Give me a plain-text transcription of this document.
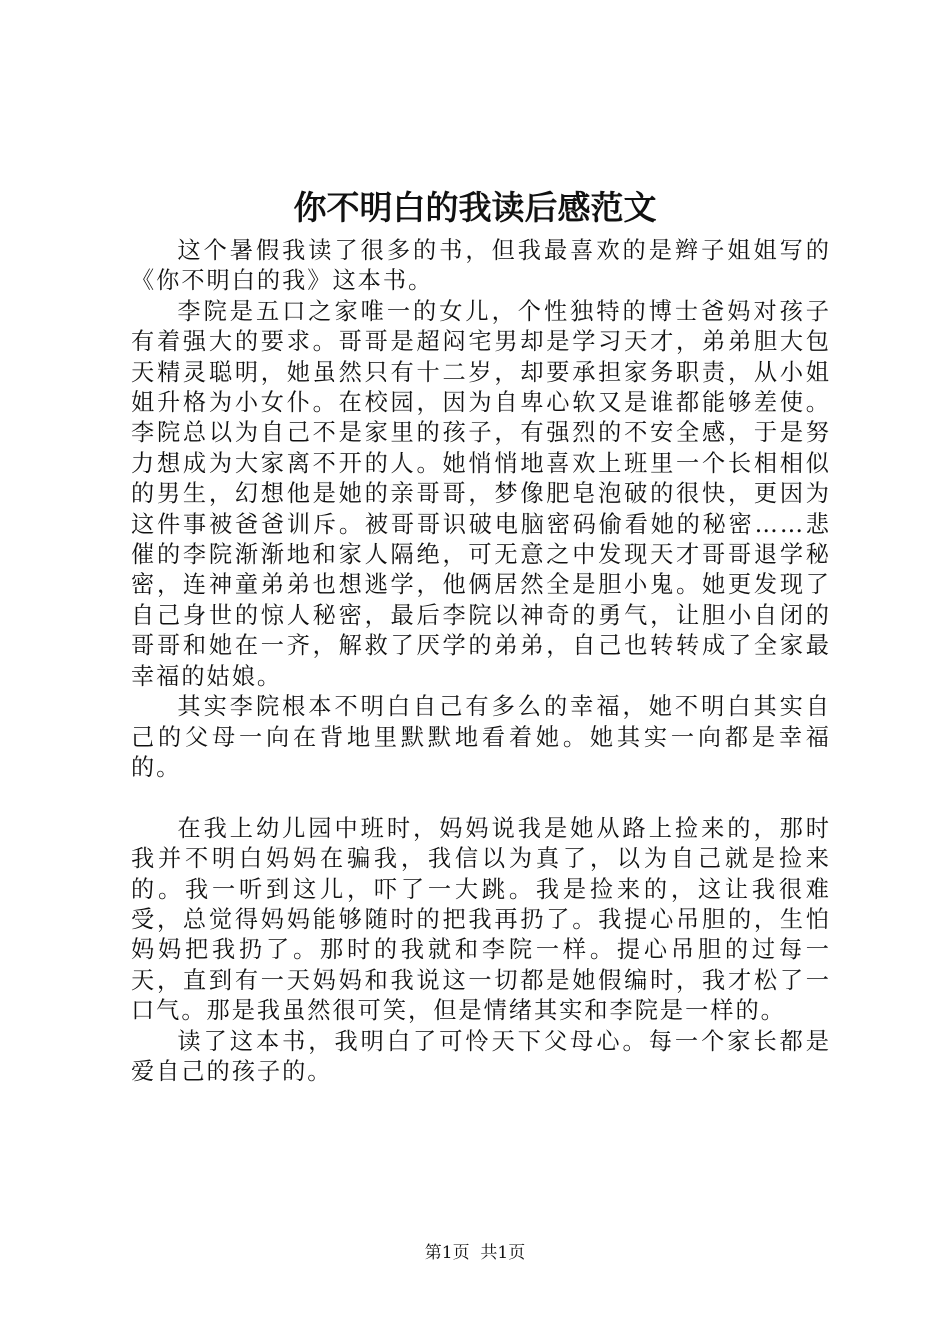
你不明白的我读后感范文

这个暑假我读了很多的书，但我最喜欢的是辫子姐姐写的《你不明白的我》这本书。

李院是五口之家唯一的女儿，个性独特的博士爸妈对孩子有着强大的要求。哥哥是超闷宅男却是学习天才，弟弟胆大包天精灵聪明，她虽然只有十二岁，却要承担家务职责，从小姐姐升格为小女仆。在校园，因为自卑心软又是谁都能够差使。李院总以为自己不是家里的孩子，有强烈的不安全感，于是努力想成为大家离不开的人。她悄悄地喜欢上班里一个长相相似的男生，幻想他是她的亲哥哥，梦像肥皂泡破的很快，更因为这件事被爸爸训斥。被哥哥识破电脑密码偷看她的秘密……悲催的李院渐渐地和家人隔绝，可无意之中发现天才哥哥退学秘密，连神童弟弟也想逃学，他俩居然全是胆小鬼。她更发现了自己身世的惊人秘密，最后李院以神奇的勇气，让胆小自闭的哥哥和她在一齐，解救了厌学的弟弟，自己也转转成了全家最幸福的姑娘。

其实李院根本不明白自己有多么的幸福，她不明白其实自己的父母一向在背地里默默地看着她。她其实一向都是幸福的。

在我上幼儿园中班时，妈妈说我是她从路上捡来的，那时我并不明白妈妈在骗我，我信以为真了，以为自己就是捡来的。我一听到这儿，吓了一大跳。我是捡来的，这让我很难受，总觉得妈妈能够随时的把我再扔了。我提心吊胆的，生怕妈妈把我扔了。那时的我就和李院一样。提心吊胆的过每一天，直到有一天妈妈和我说这一切都是她假编时，我才松了一口气。那是我虽然很可笑，但是情绪其实和李院是一样的。

读了这本书，我明白了可怜天下父母心。每一个家长都是爱自己的孩子的。

第1页  共1页
